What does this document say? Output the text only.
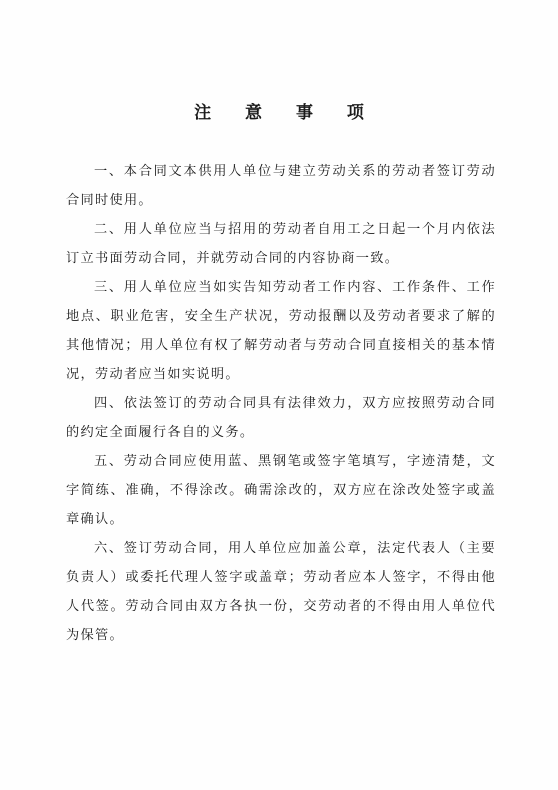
注 意 事 项

一、本合同文本供用人单位与建立劳动关系的劳动者签订劳动合同时使用。

二、用人单位应当与招用的劳动者自用工之日起一个月内依法订立书面劳动合同，并就劳动合同的内容协商一致。

三、用人单位应当如实告知劳动者工作内容、工作条件、工作地点、职业危害，安全生产状况，劳动报酬以及劳动者要求了解的其他情况；用人单位有权了解劳动者与劳动合同直接相关的基本情况，劳动者应当如实说明。

四、依法签订的劳动合同具有法律效力，双方应按照劳动合同的约定全面履行各自的义务。

五、劳动合同应使用蓝、黑钢笔或签字笔填写，字迹清楚，文字简练、准确，不得涂改。确需涂改的，双方应在涂改处签字或盖章确认。

六、签订劳动合同，用人单位应加盖公章，法定代表人（主要负责人）或委托代理人签字或盖章；劳动者应本人签字，不得由他人代签。劳动合同由双方各执一份，交劳动者的不得由用人单位代为保管。
